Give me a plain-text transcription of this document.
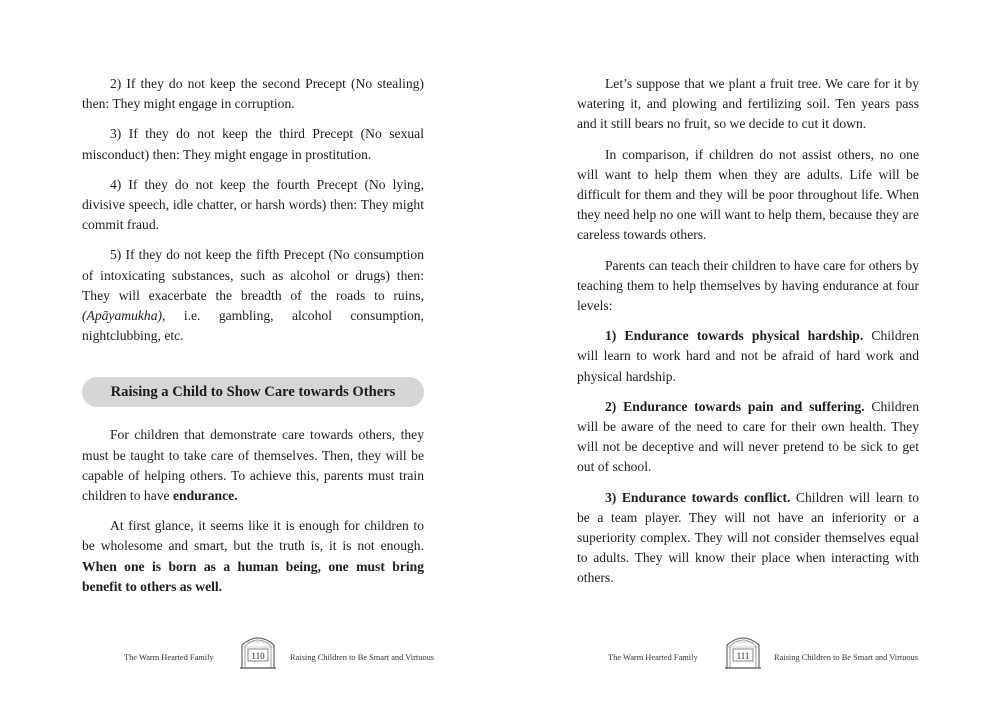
2) If they do not keep the second Precept (No stealing) then: They might engage in corruption.

3) If they do not keep the third Precept (No sexual misconduct) then: They might engage in prostitution.

4) If they do not keep the fourth Precept (No lying, divisive speech, idle chatter, or harsh words) then: They might commit fraud.

5) If they do not keep the fifth Precept (No consumption of intoxicating substances, such as alcohol or drugs) then: They will exacerbate the breadth of the roads to ruins, (Apāyamukha), i.e. gambling, alcohol consumption, nightclubbing, etc.

Raising a Child to Show Care towards Others

For children that demonstrate care towards others, they must be taught to take care of themselves. Then, they will be capable of helping others. To achieve this, parents must train children to have endurance.

At first glance, it seems like it is enough for children to be wholesome and smart, but the truth is, it is not enough. When one is born as a human being, one must bring benefit to others as well.

The Warm Hearted Family	110	Raising Children to Be Smart and Virtuous

Let’s suppose that we plant a fruit tree. We care for it by watering it, and plowing and fertilizing soil. Ten years pass and it still bears no fruit, so we decide to cut it down.

In comparison, if children do not assist others, no one will want to help them when they are adults. Life will be difficult for them and they will be poor throughout life. When they need help no one will want to help them, because they are careless towards others.

Parents can teach their children to have care for others by teaching them to help themselves by having endurance at four levels:

1) Endurance towards physical hardship. Children will learn to work hard and not be afraid of hard work and physical hardship.

2) Endurance towards pain and suffering. Children will be aware of the need to care for their own health. They will not be deceptive and will never pretend to be sick to get out of school.

3) Endurance towards conflict. Children will learn to be a team player. They will not have an inferiority or a superiority complex. They will not consider themselves equal to adults. They will know their place when interacting with others.

The Warm Hearted Family	111	Raising Children to Be Smart and Virtuous
